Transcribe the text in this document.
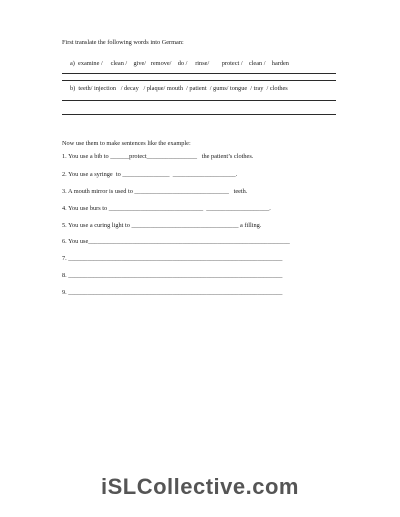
First translate the following words into German:
a)  examine /     clean /    give/   remove/    do /     rinse/        protect /    clean /    harden
b)  teeth/ injection   / decay   / plaque/ mouth  / patient  / gums/ tongue  / tray  / clothes
Now use them to make sentences like the example:
1. You use a bib to ______protect________________   the patient’s clothes.
2. You use a syringe  to _______________  ____________________.
3. A mouth mirror is used to ______________________________   teeth.
4. You use burs to ______________________________  ____________________.
5. You use a curing light to __________________________________ a filling.
6. You use________________________________________________________________
7. ____________________________________________________________________
8. ____________________________________________________________________
9. ____________________________________________________________________
iSLCollective.com
